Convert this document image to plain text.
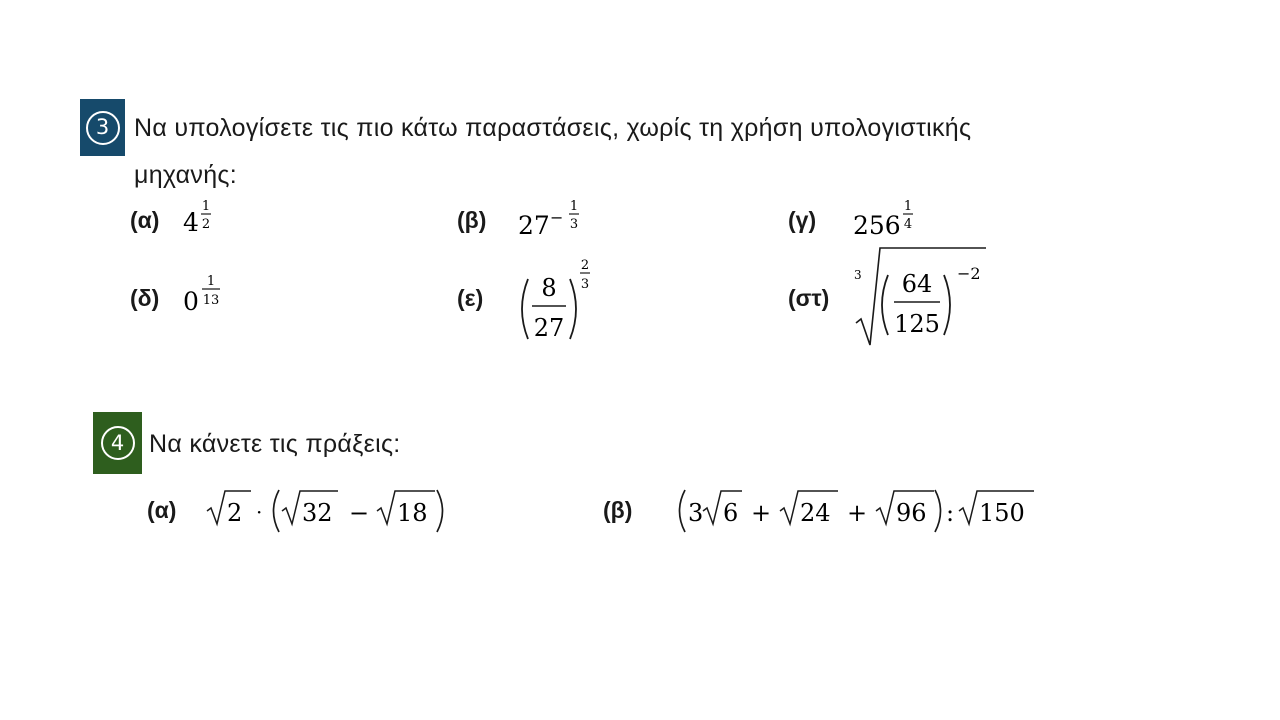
3 Να υπολογίσετε τις πιο κάτω παραστάσεις, χωρίς τη χρήση υπολογιστικής
μηχανής:
(α) 4
1
2	(β) 27 −
1
3	(γ) 256
1
4
(δ) 0
1
13	(ε) 8
27
2
3
(στ)
3 64
125
−2
4 Να κάνετε τις πράξεις:
(α) 2 · 32 − 18	(β) 3 6 + 24 + 96 : 150
